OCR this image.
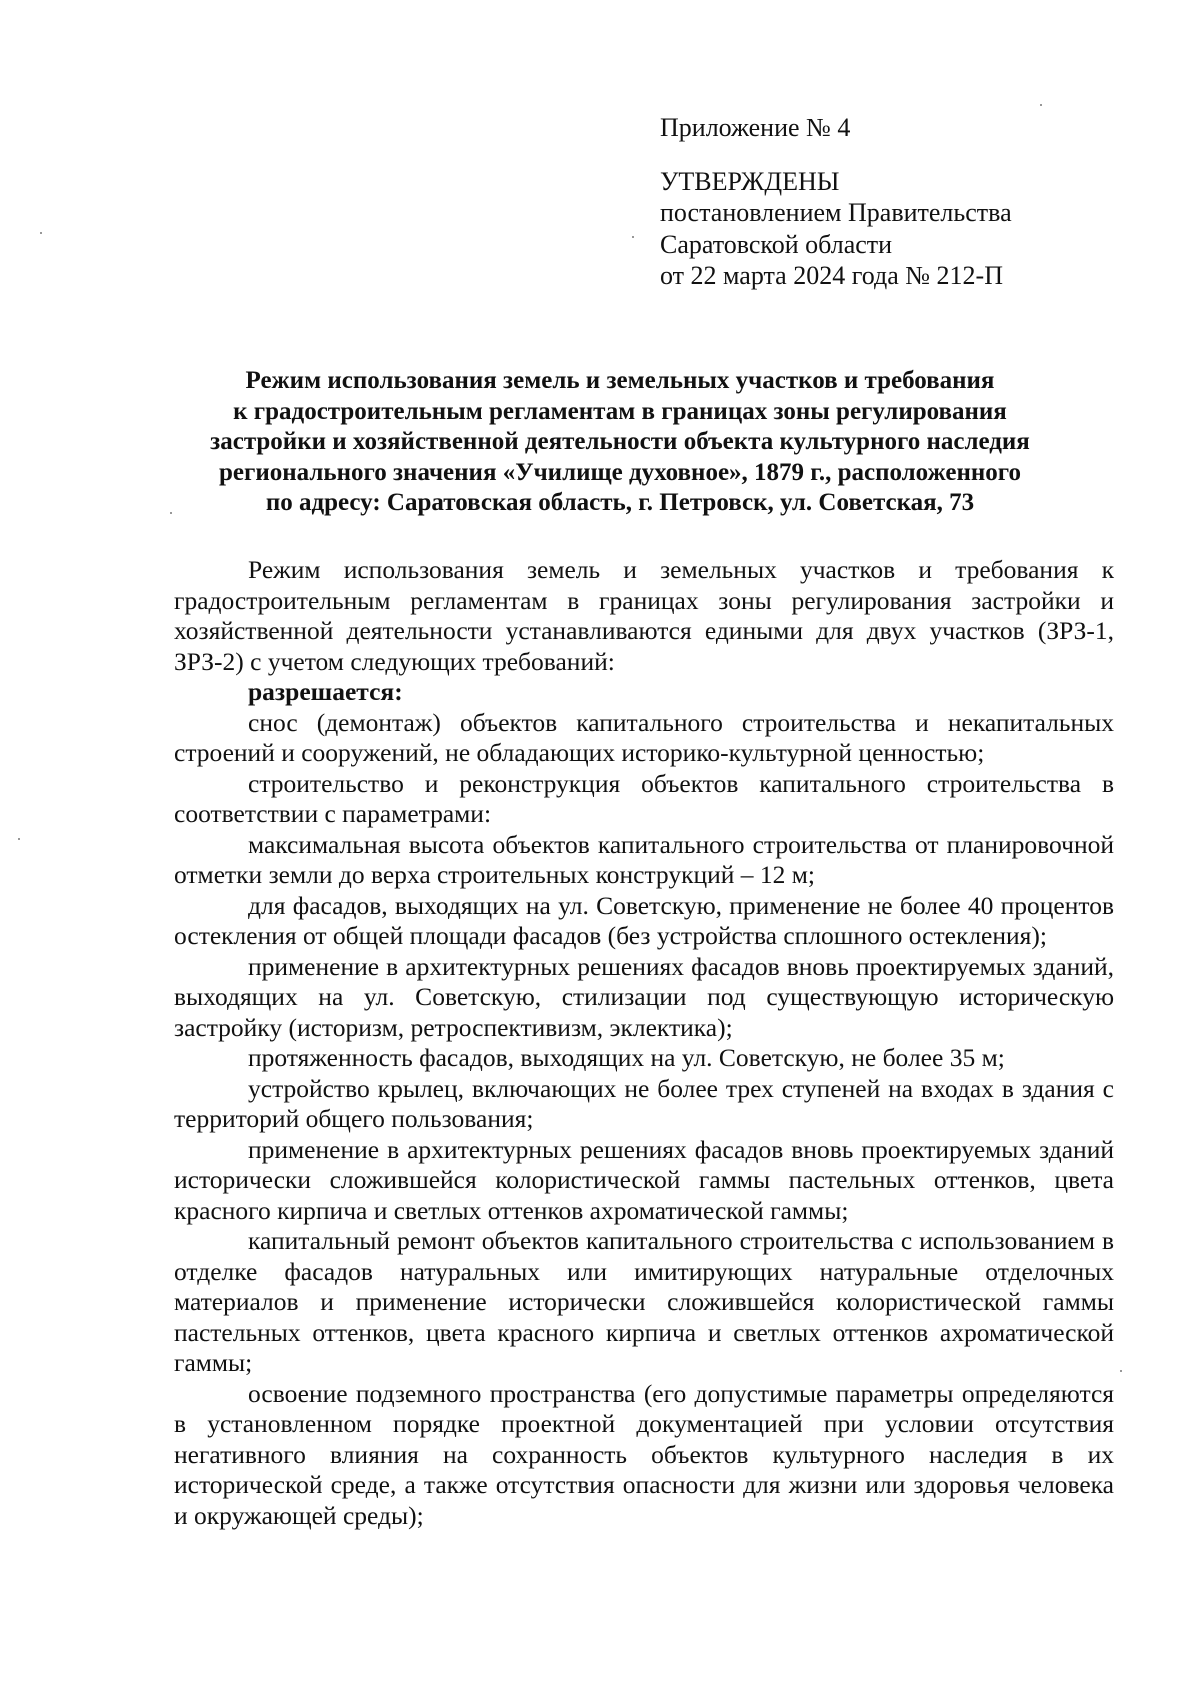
Приложение № 4

УТВЕРЖДЕНЫ

постановлением Правительства

Саратовской области

от 22 марта 2024 года № 212-П

Режим использования земель и земельных участков и требования
к градостроительным регламентам в границах зоны регулирования
застройки и хозяйственной деятельности объекта культурного наследия
регионального значения «Училище духовное», 1879 г., расположенного
по адресу: Саратовская область, г. Петровск, ул. Советская, 73

Режим использования земель и земельных участков и требования к градостроительным регламентам в границах зоны регулирования застройки и хозяйственной деятельности устанавливаются едиными для двух участков (ЗРЗ-1, ЗРЗ-2) с учетом следующих требований:

разрешается:

снос (демонтаж) объектов капитального строительства и некапитальных строений и сооружений, не обладающих историко-культурной ценностью;

строительство и реконструкция объектов капитального строительства в соответствии с параметрами:

максимальная высота объектов капитального строительства от планировочной отметки земли до верха строительных конструкций – 12 м;

для фасадов, выходящих на ул. Советскую, применение не более 40 процентов остекления от общей площади фасадов (без устройства сплошного остекления);

применение в архитектурных решениях фасадов вновь проектируемых зданий, выходящих на ул. Советскую, стилизации под существующую историческую застройку (историзм, ретроспективизм, эклектика);

протяженность фасадов, выходящих на ул. Советскую, не более 35 м;

устройство крылец, включающих не более трех ступеней на входах в здания с территорий общего пользования;

применение в архитектурных решениях фасадов вновь проектируемых зданий исторически сложившейся колористической гаммы пастельных оттенков, цвета красного кирпича и светлых оттенков ахроматической гаммы;

капитальный ремонт объектов капитального строительства с использованием в отделке фасадов натуральных или имитирующих натуральные отделочных материалов и применение исторически сложившейся колористической гаммы пастельных оттенков, цвета красного кирпича и светлых оттенков ахроматической гаммы;

освоение подземного пространства (его допустимые параметры определяются в установленном порядке проектной документацией при условии отсутствия негативного влияния на сохранность объектов культурного наследия в их исторической среде, а также отсутствия опасности для жизни или здоровья человека и окружающей среды);
